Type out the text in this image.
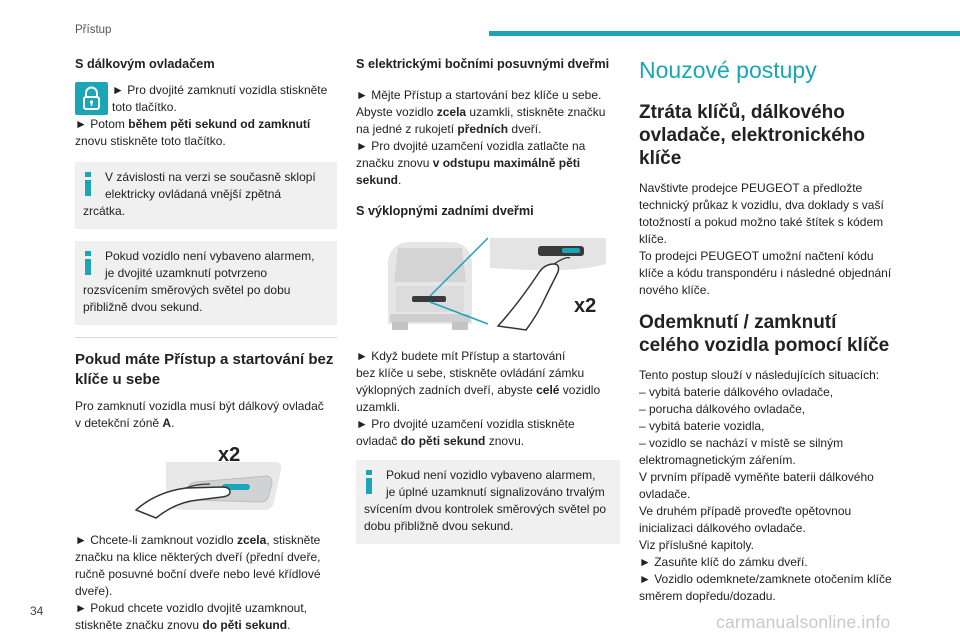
Přístup
S dálkovým ovladačem

► Pro dvojité zamknutí vozidla stiskněte

toto tlačítko.

► Potom během pěti sekund od zamknutí

znovu stiskněte toto tlačítko.

V závislosti na verzi se současně sklopí

elektricky ovládaná vnější zpětná

zrcátka.

Pokud vozidlo není vybaveno alarmem,

je dvojité uzamknutí potvrzeno

rozsvícením směrových světel po dobu

přibližně dvou sekund.

Pokud máte Přístup a startování bez
klíče u sebe

Pro zamknutí vozidla musí být dálkový ovladač

v detekční zóně A.

x2

► Chcete-li zamknout vozidlo zcela, stiskněte

značku na klice některých dveří (přední dveře,

ručně posuvné boční dveře nebo levé křídlové

dveře).

► Pokud chcete vozidlo dvojitě uzamknout,

stiskněte značku znovu do pěti sekund.

S elektrickými bočními posuvnými dveřmi

► Mějte Přístup a startování bez klíče u sebe.

Abyste vozidlo zcela uzamkli, stiskněte značku

na jedné z rukojetí předních dveří.

► Pro dvojité uzamčení vozidla zatlačte na

značku znovu v odstupu maximálně pěti

sekund.

S výklopnými zadními dveřmi
x2

► Když budete mít Přístup a startování

bez klíče u sebe, stiskněte ovládání zámku

výklopných zadních dveří, abyste celé vozidlo

uzamkli.

► Pro dvojité uzamčení vozidla stiskněte

ovladač do pěti sekund znovu.

Pokud není vozidlo vybaveno alarmem,

je úplné uzamknutí signalizováno trvalým

svícením dvou kontrolek směrových světel po

dobu přibližně dvou sekund.

Nouzové postupy
Ztráta klíčů, dálkového
ovladače, elektronického
klíče

Navštivte prodejce PEUGEOT a předložte

technický průkaz k vozidlu, dva doklady s vaší

totožností a pokud možno také štítek s kódem

klíče.

To prodejci PEUGEOT umožní načtení kódu

klíče a kódu transpondéru i následné objednání

nového klíče.

Odemknutí / zamknutí
celého vozidla pomocí klíče

Tento postup slouží v následujících situacích:

– vybitá baterie dálkového ovladače,

– porucha dálkového ovladače,

– vybitá baterie vozidla,

– vozidlo se nachází v místě se silným

elektromagnetickým zářením.

V prvním případě vyměňte baterii dálkového

ovladače.

Ve druhém případě proveďte opětovnou

inicializaci dálkového ovladače.

Viz příslušné kapitoly.

► Zasuňte klíč do zámku dveří.

► Vozidlo odemknete/zamknete otočením klíče

směrem dopředu/dozadu.

34
carmanualsonline.info
